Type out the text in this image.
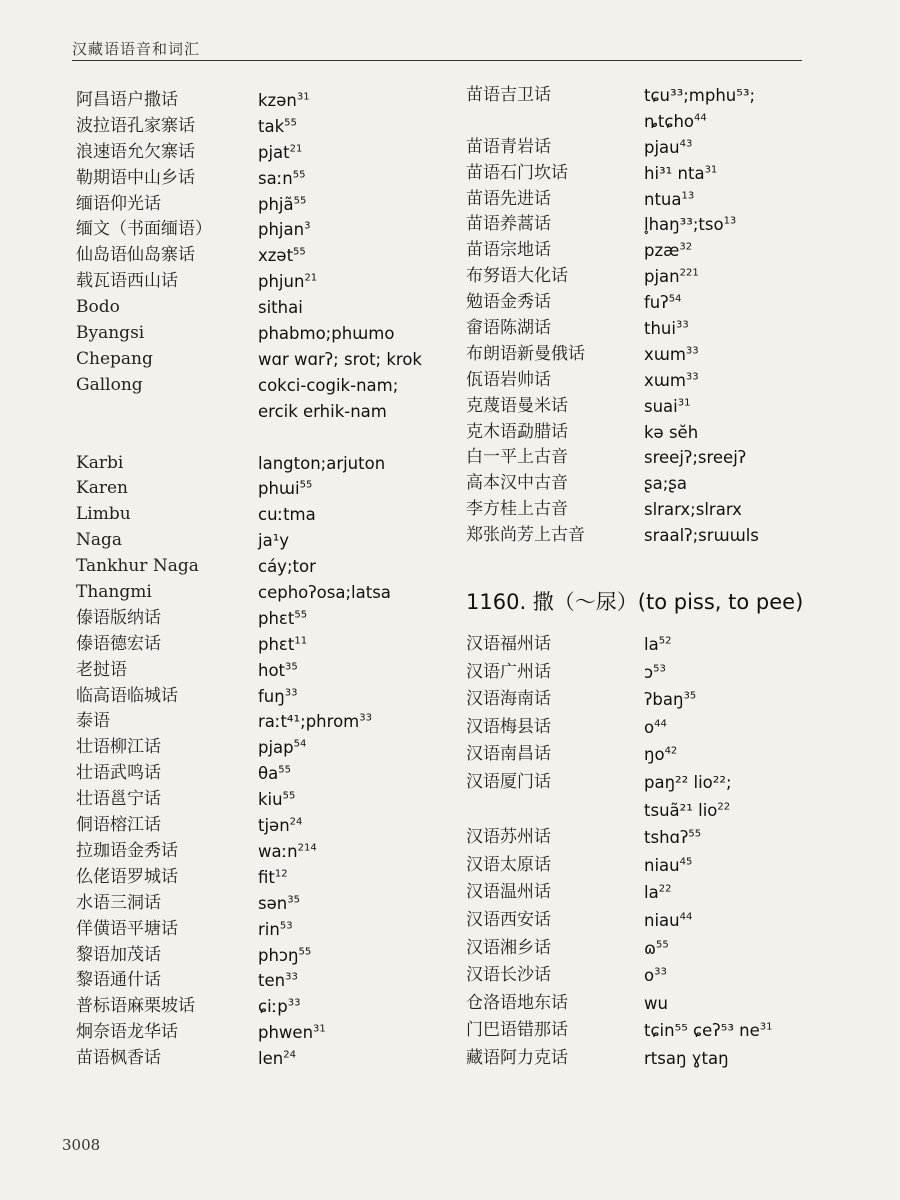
汉藏语语音和词汇
阿昌语户撒话	kzən$^{31}$
波拉语孔家寨话	tak$^{55}$
浪速语允欠寨话	pjat$^{21}$
勒期语中山乡话	saːn$^{55}$
缅语仰光话	phjã$^{55}$
缅文（书面缅语）	phjan$^3$
仙岛语仙岛寨话	xzət$^{55}$
载瓦语西山话	phjun$^{21}$
Bodo	sithai
Byangsi	phabmo;phɯmo
Chepang	wɑr wɑrʔ; srot; krok
Gallong	cokci-cogik-nam;
ercik erhik-nam
Karbi	langton;arjuton
Karen	phɯi$^{55}$
Limbu	cuːtma
Naga	ja¹y
Tankhur Naga	cáy;tor
Thangmi	cephoʔosa;latsa
傣语版纳话	phɛt$^{55}$
傣语德宏话	phɛt$^{11}$
老挝语	hot$^{35}$
临高语临城话	fuŋ$^{33}$
泰语	raːt⁴¹;phrom$^{33}$
壮语柳江话	pjap$^{54}$
壮语武鸣话	$\theta a^{55}$
壮语邕宁话	kiu$^{55}$
侗语榕江话	tjən$^{24}$
拉珈语金秀话	waːn$^{214}$
仫佬语罗城话	fit$^{12}$
水语三洞话	sən$^{35}$
佯僙语平塘话	rin$^{53}$
黎语加茂话	phɔŋ$^{55}$
黎语通什话	ten$^{33}$
普标语麻栗坡话	ɕiːp$^{33}$
炯奈语龙华话	phwen$^{31}$
苗语枫香话	len$^{24}$
苗语吉卫话	tɕu³³;mphu⁵³;
ȵtɕho$^{44}$
苗语青岩话	pjau$^{43}$
苗语石门坎话	hi³¹ nta$^{31}$
苗语先进话	ntua$^{13}$
苗语养蒿话	l̥haŋ³³;tso$^{13}$
苗语宗地话	pzæ$^{32}$
布努语大化话	pjan$^{221}$
勉语金秀话	fuʔ$^{54}$
畲语陈湖话	thui$^{33}$
布朗语新曼俄话	xɯm$^{33}$
佤语岩帅话	xɯm$^{33}$
克蔑语曼米话	suai$^{31}$
克木语勐腊话	kə sĕh
白一平上古音	sreejʔ;sreejʔ
高本汉中古音	ʂa;ʂa
李方桂上古音	slrarx;slrarx
郑张尚芳上古音	sraalʔ;srɯɯls
1160. 撒（～尿）(to piss, to pee)
汉语福州话	$la^{52}$
汉语广州话	ɔ$^{53}$
汉语海南话	ʔbaŋ$^{35}$
汉语梅县话	$o^{44}$
汉语南昌话	$ŋo^{42}$
汉语厦门话	paŋ²² lio²²;
tsuã²¹ lio$^{22}$
汉语苏州话	tshɑʔ$^{55}$
汉语太原话	niau$^{45}$
汉语温州话	$la^{22}$
汉语西安话	niau$^{44}$
汉语湘乡话	ɷ$^{55}$
汉语长沙话	$o^{33}$
仓洛语地东话	wu
门巴语错那话	tɕin⁵⁵ ɕeʔ⁵³ $ne^{31}$
藏语阿力克话	rtsaŋ ɣtaŋ
3008
